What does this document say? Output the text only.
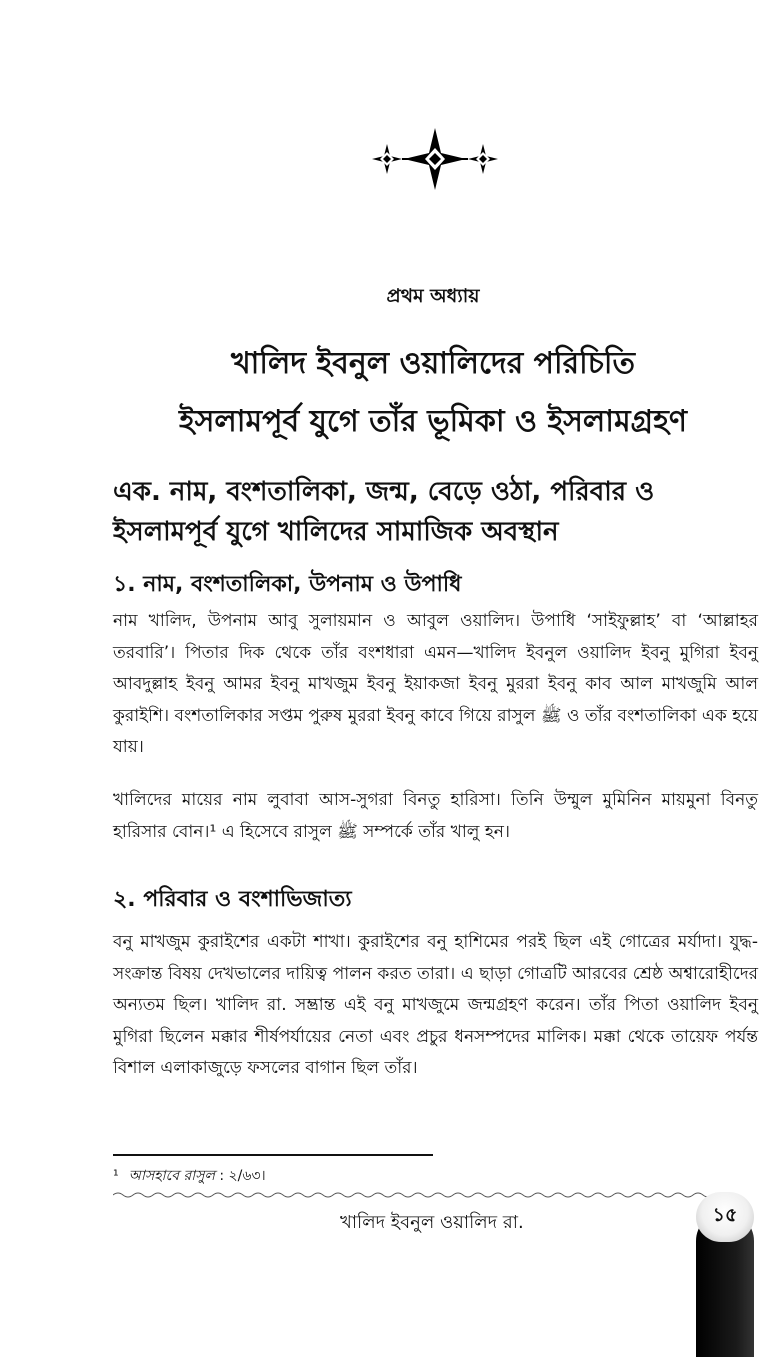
প্রথম অধ্যায়
খালিদ ইবনুল ওয়ালিদের পরিচিতি
ইসলামপূর্ব যুগে তাঁর ভূমিকা ও ইসলামগ্রহণ
এক. নাম, বংশতালিকা, জন্ম, বেড়ে ওঠা, পরিবার ও ইসলামপূর্ব যুগে খালিদের সামাজিক অবস্থান
১. নাম, বংশতালিকা, উপনাম ও উপাধি
নাম খালিদ, উপনাম আবু সুলায়মান ও আবুল ওয়ালিদ। উপাধি ‘সাইফুল্লাহ’ বা ‘আল্লাহর তরবারি’। পিতার দিক থেকে তাঁর বংশধারা এমন—খালিদ ইবনুল ওয়ালিদ ইবনু মুগিরা ইবনু আবদুল্লাহ ইবনু আমর ইবনু মাখজুম ইবনু ইয়াকজা ইবনু মুররা ইবনু কাব আল মাখজুমি আল কুরাইশি। বংশতালিকার সপ্তম পুরুষ মুররা ইবনু কাবে গিয়ে রাসুল ﷺ ও তাঁর বংশতালিকা এক হয়ে যায়।
খালিদের মায়ের নাম লুবাবা আস-সুগরা বিনতু হারিসা। তিনি উম্মুল মুমিনিন মায়মুনা বিনতু হারিসার বোন।¹ এ হিসেবে রাসুল ﷺ সম্পর্কে তাঁর খালু হন।
২. পরিবার ও বংশাভিজাত্য
বনু মাখজুম কুরাইশের একটা শাখা। কুরাইশের বনু হাশিমের পরই ছিল এই গোত্রের মর্যাদা। যুদ্ধ-সংক্রান্ত বিষয় দেখভালের দায়িত্ব পালন করত তারা। এ ছাড়া গোত্রটি আরবের শ্রেষ্ঠ অশ্বারোহীদের অন্যতম ছিল। খালিদ রা. সম্ভ্রান্ত এই বনু মাখজুমে জন্মগ্রহণ করেন। তাঁর পিতা ওয়ালিদ ইবনু মুগিরা ছিলেন মক্কার শীর্ষপর্যায়ের নেতা এবং প্রচুর ধনসম্পদের মালিক। মক্কা থেকে তায়েফ পর্যন্ত বিশাল এলাকাজুড়ে ফসলের বাগান ছিল তাঁর।
¹ আসহাবে রাসুল : ২/৬৩।
খালিদ ইবনুল ওয়ালিদ রা.	১৫
